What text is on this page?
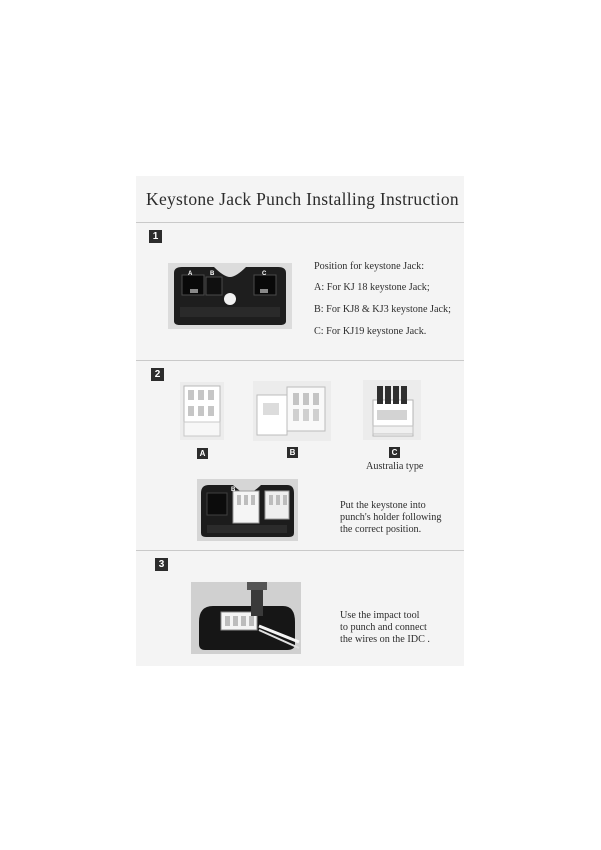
Keystone Jack Punch Installing Instruction
1
A	B	C
Position for keystone Jack:
A: For KJ 18 keystone Jack;
B: For KJ8 & KJ3 keystone Jack;
C: For KJ19 keystone Jack.
2
A	B	C
Australia type
B
Put the keystone into
punch's holder following
the correct position.
3
Use the impact tool
to punch and connect
the wires on the IDC .
